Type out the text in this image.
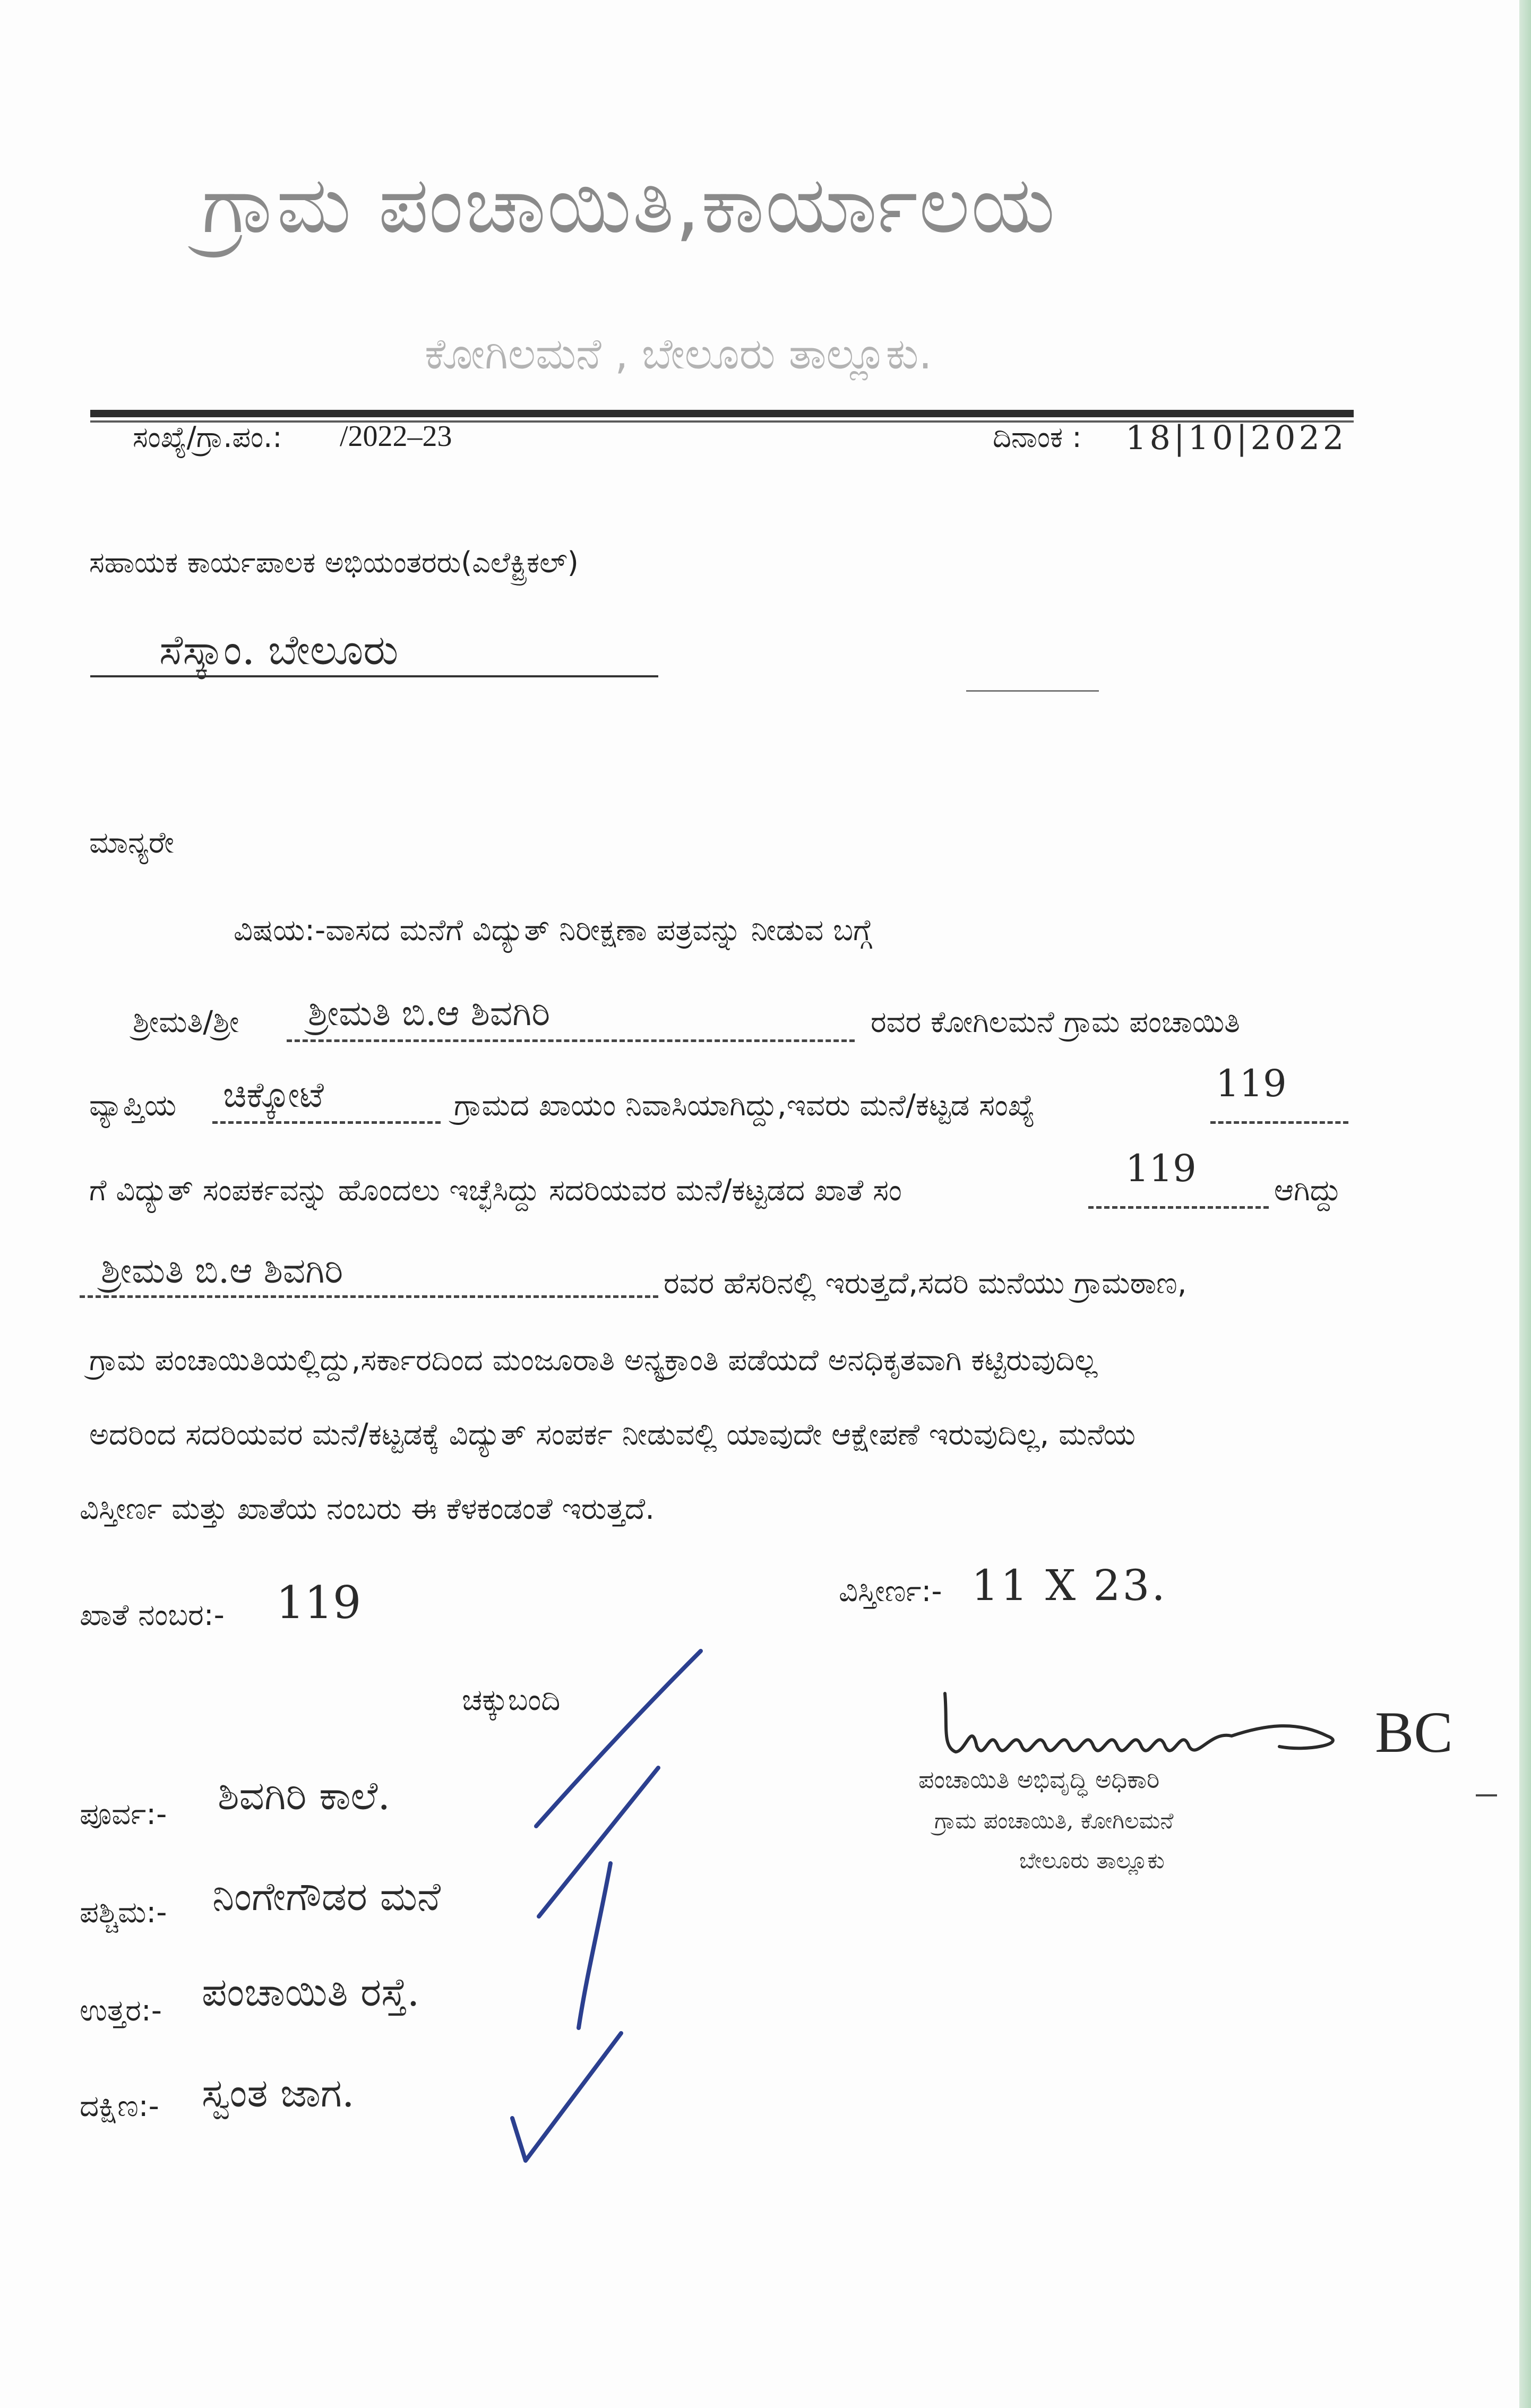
ಗ್ರಾಮ ಪಂಚಾಯಿತಿ,ಕಾರ್ಯಾಲಯ
ಕೋಗಿಲಮನೆ , ಬೇಲೂರು ತಾಲ್ಲೂಕು.
ಸಂಖ್ಯೆ/ಗ್ರಾ.ಪಂ.: /2022–23	ದಿನಾಂಕ : 18|10|2022
ಸಹಾಯಕ ಕಾರ್ಯಪಾಲಕ ಅಭಿಯಂತರರು(ಎಲೆಕ್ಟ್ರಿಕಲ್)
ಸೆಸ್ಕಾಂ. ಬೇಲೂರು
ಮಾನ್ಯರೇ
ವಿಷಯ:-ವಾಸದ ಮನೆಗೆ ವಿದ್ಯುತ್ ನಿರೀಕ್ಷಣಾ ಪತ್ರವನ್ನು ನೀಡುವ ಬಗ್ಗೆ
ಶ್ರೀಮತಿ/ಶ್ರೀ ಶ್ರೀಮತಿ ಬಿ.ಆ ಶಿವಗಿರಿ	ರವರ ಕೋಗಿಲಮನೆ ಗ್ರಾಮ ಪಂಚಾಯಿತಿ
ವ್ಯಾಪ್ತಿಯ ಚಿಕ್ಕೋಟೆ	ಗ್ರಾಮದ ಖಾಯಂ ನಿವಾಸಿಯಾಗಿದ್ದು,ಇವರು ಮನೆ/ಕಟ್ಟಡ ಸಂಖ್ಯೆ
119
ಗೆ ವಿದ್ಯುತ್ ಸಂಪರ್ಕವನ್ನು ಹೊಂದಲು ಇಚ್ಛೆಸಿದ್ದು ಸದರಿಯವರ ಮನೆ/ಕಟ್ಟಡದ ಖಾತೆ ಸಂ
119
ಆಗಿದ್ದು
ಶ್ರೀಮತಿ ಬಿ.ಆ ಶಿವಗಿರಿ	ರವರ ಹೆಸರಿನಲ್ಲಿ ಇರುತ್ತದೆ,ಸದರಿ ಮನೆಯು ಗ್ರಾಮಠಾಣ,
ಗ್ರಾಮ ಪಂಚಾಯಿತಿಯಲ್ಲಿದ್ದು,ಸರ್ಕಾರದಿಂದ ಮಂಜೂರಾತಿ ಅನ್ಯಕ್ರಾಂತಿ ಪಡೆಯದೆ ಅನಧಿಕೃತವಾಗಿ ಕಟ್ಟಿರುವುದಿಲ್ಲ
ಅದರಿಂದ ಸದರಿಯವರ ಮನೆ/ಕಟ್ಟಡಕ್ಕೆ ವಿದ್ಯುತ್ ಸಂಪರ್ಕ ನೀಡುವಲ್ಲಿ ಯಾವುದೇ ಆಕ್ಷೇಪಣೆ ಇರುವುದಿಲ್ಲ, ಮನೆಯ
ವಿಸ್ತೀರ್ಣ ಮತ್ತು ಖಾತೆಯ ನಂಬರು ಈ ಕೆಳಕಂಡಂತೆ ಇರುತ್ತದೆ.
ಖಾತೆ ನಂಬರ:- 119	ವಿಸ್ತೀರ್ಣ:- 11 X 23.
ಚಕ್ಕುಬಂದಿ
ಪೂರ್ವ:- ಶಿವಗಿರಿ ಕಾಲೆ.
ಪಶ್ಚಿಮ:- ನಿಂಗೇಗೌಡರ ಮನೆ
ಉತ್ತರ:- ಪಂಚಾಯಿತಿ ರಸ್ತೆ.
ದಕ್ಷಿಣ:- ಸ್ವಂತ ಜಾಗ.
BC
ಪಂಚಾಯಿತಿ ಅಭಿವೃದ್ಧಿ ಅಧಿಕಾರಿ
ಗ್ರಾಮ ಪಂಚಾಯಿತಿ, ಕೋಗಿಲಮನೆ
ಬೇಲೂರು ತಾಲ್ಲೂಕು
